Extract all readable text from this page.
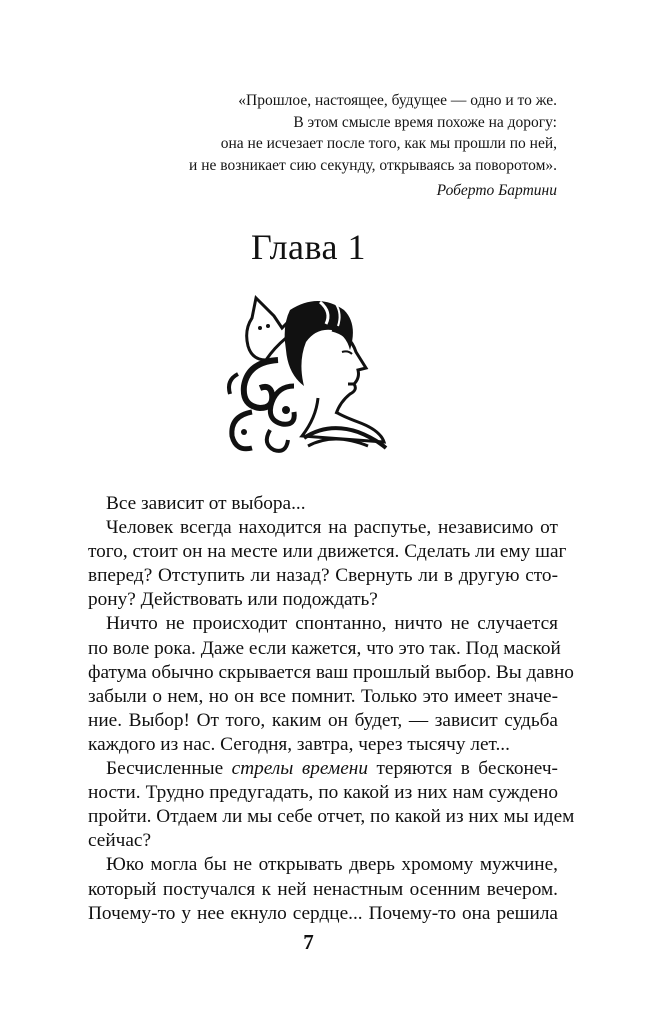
«Прошлое, настоящее, будущее — одно и то же.
В этом смысле время похоже на дорогу:
она не исчезает после того, как мы прошли по ней,
и не возникает сию секунду, открываясь за поворотом».
Роберто Бартини
Глава 1
Все зависит от выбора...
Человек всегда находится на распутье, независимо от
того, стоит он на месте или движется. Сделать ли ему шаг
вперед? Отступить ли назад? Свернуть ли в другую сто-
рону? Действовать или подождать?
Ничто не происходит спонтанно, ничто не случается
по воле рока. Даже если кажется, что это так. Под маской
фатума обычно скрывается ваш прошлый выбор. Вы давно
забыли о нем, но он все помнит. Только это имеет значе-
ние. Выбор! От того, каким он будет, — зависит судьба
каждого из нас. Сегодня, завтра, через тысячу лет...
Бесчисленные стрелы времени теряются в бесконеч-
ности. Трудно предугадать, по какой из них нам суждено
пройти. Отдаем ли мы себе отчет, по какой из них мы идем
сейчас?
Юко могла бы не открывать дверь хромому мужчине,
который постучался к ней ненастным осенним вечером.
Почему-то у нее екнуло сердце... Почему-то она решила
7
